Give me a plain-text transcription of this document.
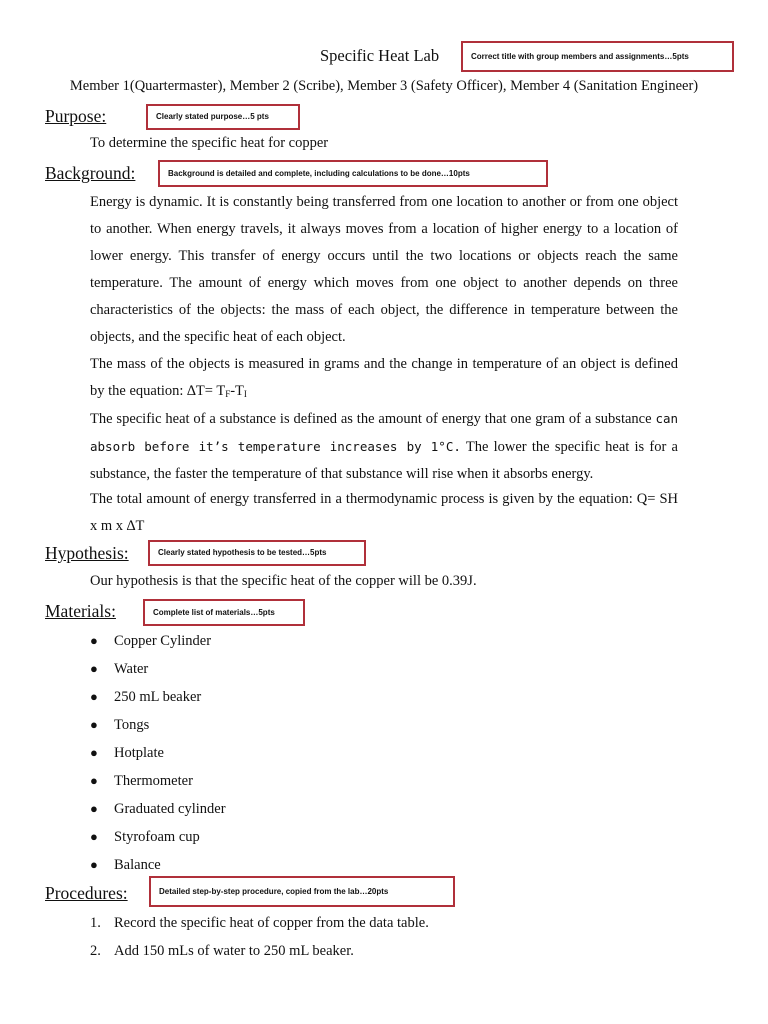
Specific Heat Lab	Correct title with group members and assignments…5pts
Member 1(Quartermaster), Member 2 (Scribe), Member 3 (Safety Officer), Member 4 (Sanitation Engineer)
Purpose:	Clearly stated purpose…5 pts
To determine the specific heat for copper
Background:	Background is detailed and complete, including calculations to be done…10pts

Energy is dynamic. It is constantly being transferred from one location to another or from one object to another. When energy travels, it always moves from a location of higher energy to a location of lower energy. This transfer of energy occurs until the two locations or objects reach the same temperature. The amount of energy which moves from one object to another depends on three characteristics of the objects: the mass of each object, the difference in temperature between the objects, and the specific heat of each object.

The mass of the objects is measured in grams and the change in temperature of an object is defined by the equation: $\Delta T= T_F-T_I$

The specific heat of a substance is defined as the amount of energy that one gram of a substance can absorb before it’s temperature increases by 1°C. The lower the specific heat is for a substance, the faster the temperature of that substance will rise when it absorbs energy.

The total amount of energy transferred in a thermodynamic process is given by the equation: Q= SH x m x ∆T

Hypothesis:	Clearly stated hypothesis to be tested…5pts
Our hypothesis is that the specific heat of the copper will be 0.39J.
Materials:	Complete list of materials…5pts
● Copper Cylinder
● Water
● 250 mL beaker
● Tongs
● Hotplate
● Thermometer
● Graduated cylinder
● Styrofoam cup
● Balance
Procedures:	Detailed step-by-step procedure, copied from the lab…20pts
1. Record the specific heat of copper from the data table.
2. Add 150 mLs of water to 250 mL beaker.
